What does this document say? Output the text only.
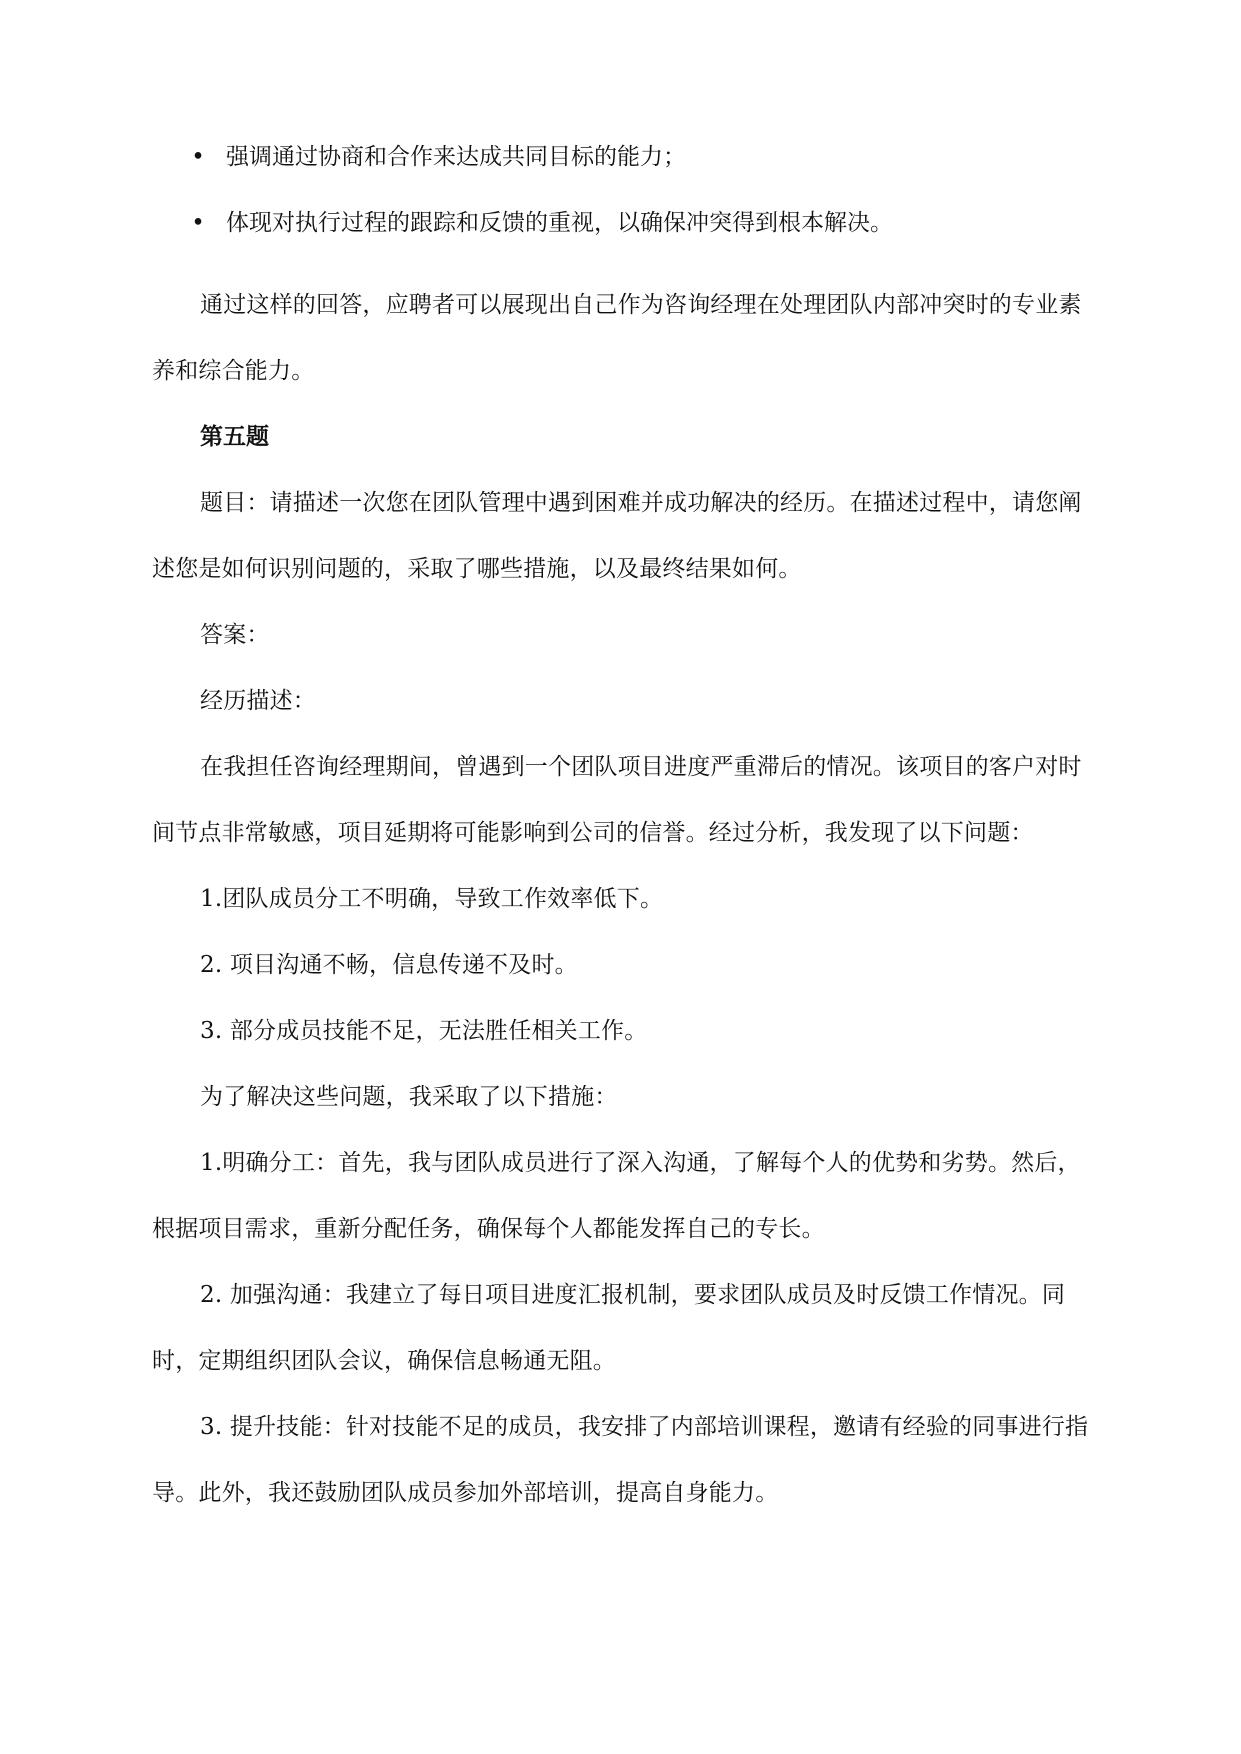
• 强调通过协商和合作来达成共同目标的能力；
• 体现对执行过程的跟踪和反馈的重视，以确保冲突得到根本解决。

通过这样的回答，应聘者可以展现出自己作为咨询经理在处理团队内部冲突时的专业素养和综合能力。

第五题

题目：请描述一次您在团队管理中遇到困难并成功解决的经历。在描述过程中，请您阐述您是如何识别问题的，采取了哪些措施，以及最终结果如何。

答案：

经历描述：

在我担任咨询经理期间，曾遇到一个团队项目进度严重滞后的情况。该项目的客户对时间节点非常敏感，项目延期将可能影响到公司的信誉。经过分析，我发现了以下问题：

1.团队成员分工不明确，导致工作效率低下。

2. 项目沟通不畅，信息传递不及时。

3. 部分成员技能不足，无法胜任相关工作。

为了解决这些问题，我采取了以下措施：

1.明确分工：首先，我与团队成员进行了深入沟通，了解每个人的优势和劣势。然后，根据项目需求，重新分配任务，确保每个人都能发挥自己的专长。

2. 加强沟通：我建立了每日项目进度汇报机制，要求团队成员及时反馈工作情况。同时，定期组织团队会议，确保信息畅通无阻。

3. 提升技能：针对技能不足的成员，我安排了内部培训课程，邀请有经验的同事进行指导。此外，我还鼓励团队成员参加外部培训，提高自身能力。
